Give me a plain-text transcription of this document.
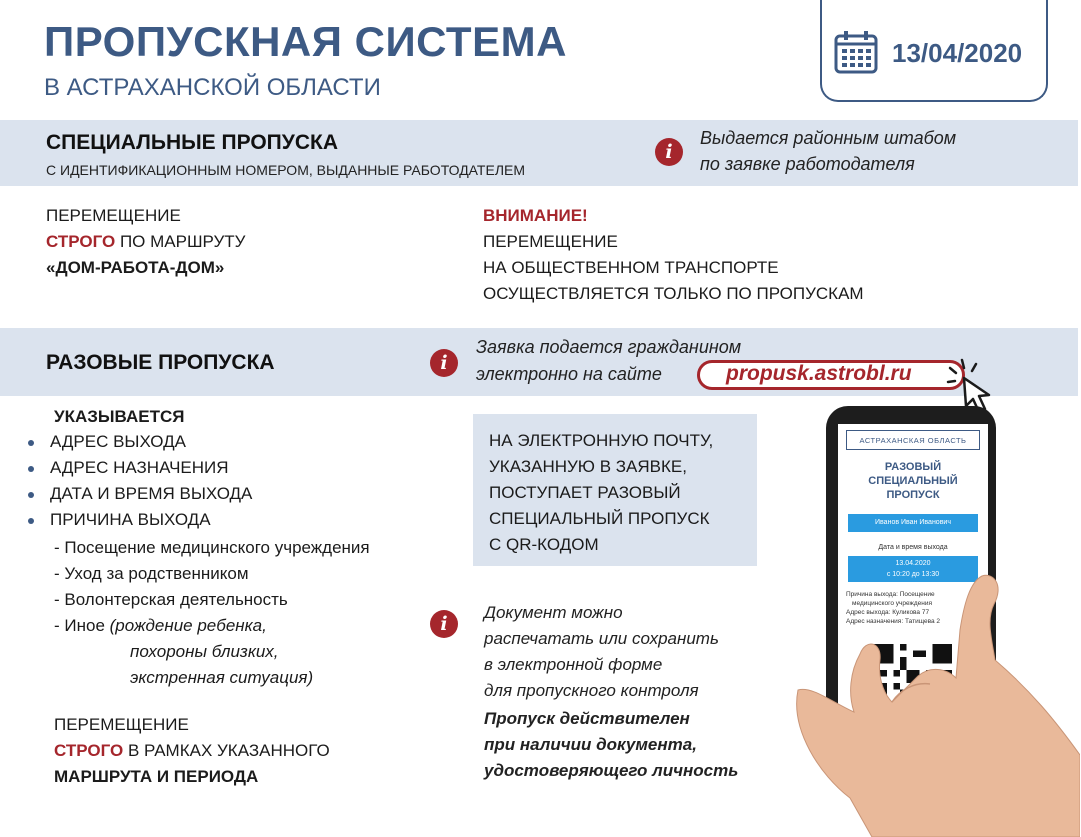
ПРОПУСКНАЯ СИСТЕМА
В АСТРАХАНСКОЙ ОБЛАСТИ
13/04/2020
СПЕЦИАЛЬНЫЕ ПРОПУСКА
С ИДЕНТИФИКАЦИОННЫМ НОМЕРОМ, ВЫДАННЫЕ РАБОТОДАТЕЛЕМ
i
Выдается районным штабом
по заявке работодателя
ПЕРЕМЕЩЕНИЕ
СТРОГО ПО МАРШРУТУ
«ДОМ-РАБОТА-ДОМ»
ВНИМАНИЕ!
ПЕРЕМЕЩЕНИЕ
НА ОБЩЕСТВЕННОМ ТРАНСПОРТЕ
ОСУЩЕСТВЛЯЕТСЯ ТОЛЬКО ПО ПРОПУСКАМ
РАЗОВЫЕ ПРОПУСКА	i
Заявка подается гражданином
электронно на сайте	propusk.astrobl.ru
УКАЗЫВАЕТСЯ
АДРЕС ВЫХОДА
АДРЕС НАЗНАЧЕНИЯ
ДАТА И ВРЕМЯ ВЫХОДА
ПРИЧИНА ВЫХОДА
- Посещение медицинского учреждения
- Уход за родственником
- Волонтерская деятельность
- Иное (рождение ребенка,
похороны близких,
экстренная ситуация)
ПЕРЕМЕЩЕНИЕ
СТРОГО В РАМКАХ УКАЗАННОГО
МАРШРУТА И ПЕРИОДА
НА ЭЛЕКТРОННУЮ ПОЧТУ,
УКАЗАННУЮ В ЗАЯВКЕ,
ПОСТУПАЕТ РАЗОВЫЙ
СПЕЦИАЛЬНЫЙ ПРОПУСК
С QR-КОДОМ
i
Документ можно
распечатать или сохранить
в электронной форме
для пропускного контроля
Пропуск действителен
при наличии документа,
удостоверяющего личность
АСТРАХАНСКАЯ ОБЛАСТЬ
РАЗОВЫЙ
СПЕЦИАЛЬНЫЙ
ПРОПУСК
Иванов Иван Иванович
Дата и время выхода
13.04.2020
с 10:20 до 13:30
Причина выхода: Посещение
медицинского учреждения
Адрес выхода: Куликова 77
Адрес назначения: Татищева 2
